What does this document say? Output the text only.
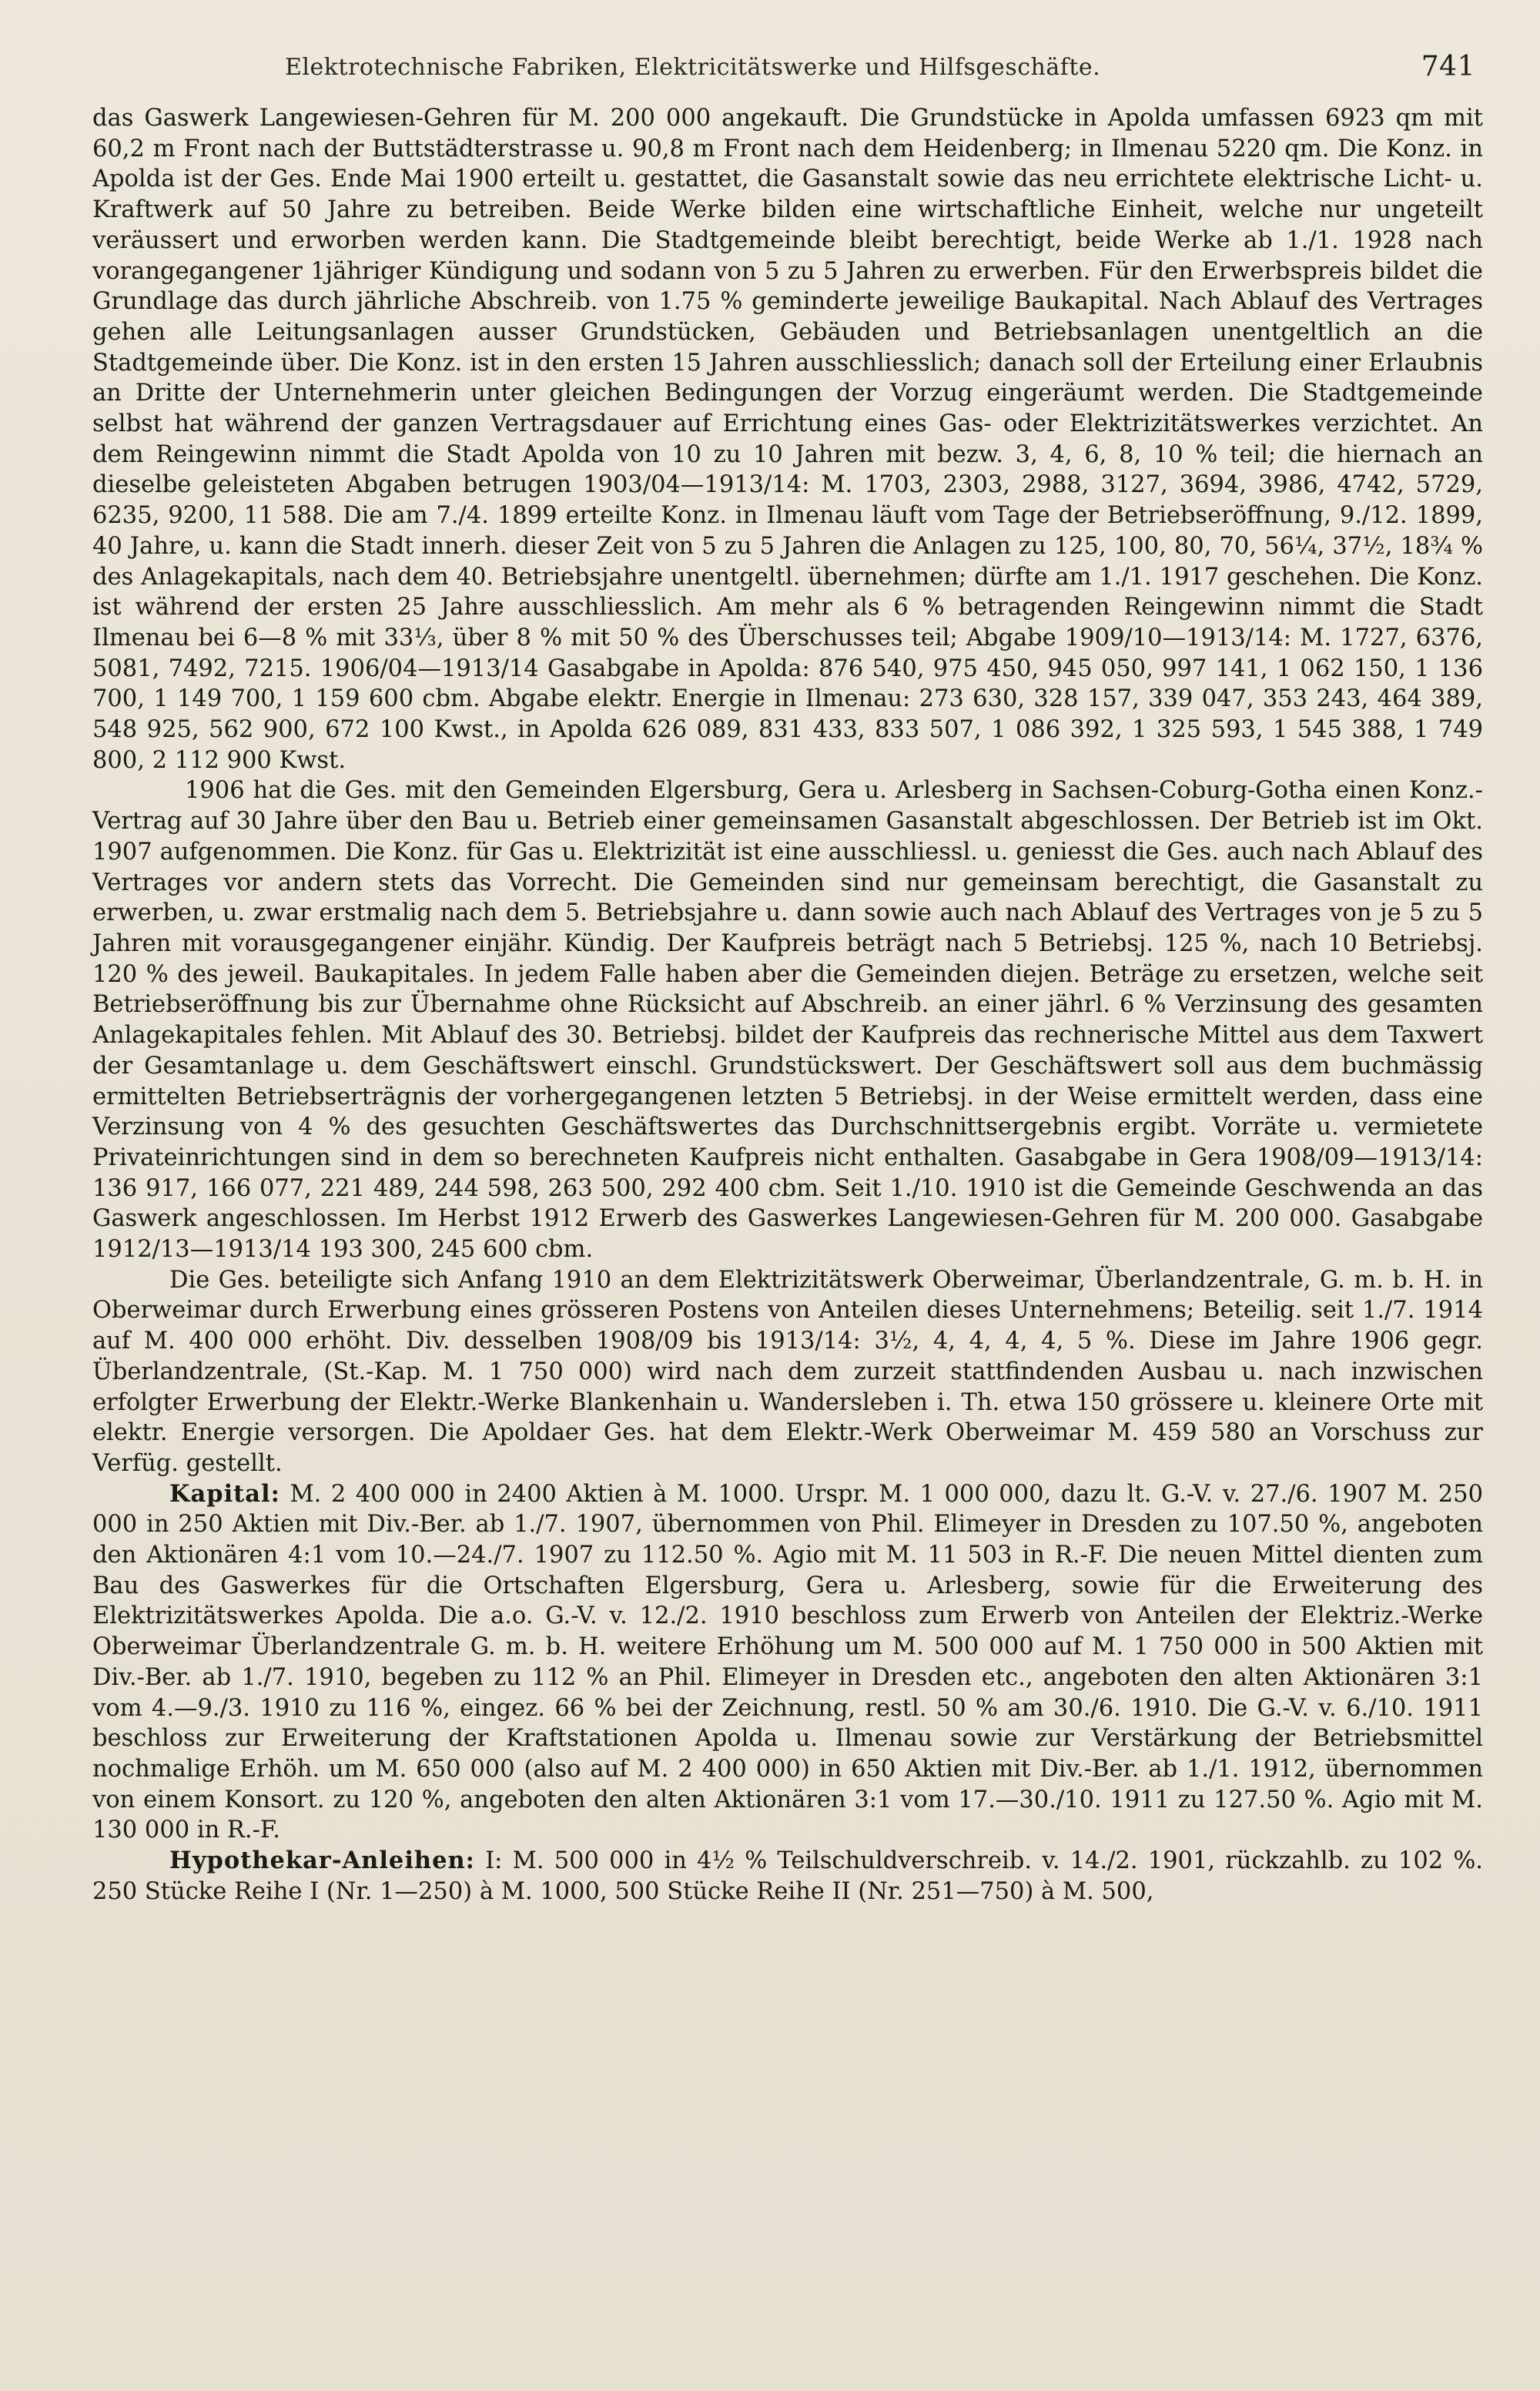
Elektrotechnische Fabriken, Elektricitätswerke und Hilfsgeschäfte.	741

das Gaswerk Langewiesen-Gehren für M. 200 000 angekauft. Die Grundstücke in Apolda umfassen 6923 qm mit 60,2 m Front nach der Buttstädterstrasse u. 90,8 m Front nach dem Heidenberg; in Ilmenau 5220 qm. Die Konz. in Apolda ist der Ges. Ende Mai 1900 erteilt u. gestattet, die Gasanstalt sowie das neu errichtete elektrische Licht- u. Kraftwerk auf 50 Jahre zu betreiben. Beide Werke bilden eine wirtschaftliche Einheit, welche nur ungeteilt veräussert und erworben werden kann. Die Stadtgemeinde bleibt berechtigt, beide Werke ab 1./1. 1928 nach vorangegangener 1jähriger Kündigung und sodann von 5 zu 5 Jahren zu erwerben. Für den Erwerbspreis bildet die Grundlage das durch jährliche Abschreib. von 1.75 % geminderte jeweilige Baukapital. Nach Ablauf des Vertrages gehen alle Leitungsanlagen ausser Grundstücken, Gebäuden und Betriebsanlagen unentgeltlich an die Stadtgemeinde über. Die Konz. ist in den ersten 15 Jahren ausschliesslich; danach soll der Erteilung einer Erlaubnis an Dritte der Unternehmerin unter gleichen Bedingungen der Vorzug eingeräumt werden. Die Stadtgemeinde selbst hat während der ganzen Vertragsdauer auf Errichtung eines Gas- oder Elektrizitätswerkes verzichtet. An dem Reingewinn nimmt die Stadt Apolda von 10 zu 10 Jahren mit bezw. 3, 4, 6, 8, 10 % teil; die hiernach an dieselbe geleisteten Abgaben betrugen 1903/04—1913/14: M. 1703, 2303, 2988, 3127, 3694, 3986, 4742, 5729, 6235, 9200, 11 588. Die am 7./4. 1899 erteilte Konz. in Ilmenau läuft vom Tage der Betriebseröffnung, 9./12. 1899, 40 Jahre, u. kann die Stadt innerh. dieser Zeit von 5 zu 5 Jahren die Anlagen zu 125, 100, 80, 70, 56¼, 37½, 18¾ % des Anlagekapitals, nach dem 40. Betriebsjahre unentgeltl. übernehmen; dürfte am 1./1. 1917 geschehen. Die Konz. ist während der ersten 25 Jahre ausschliesslich. Am mehr als 6 % betragenden Reingewinn nimmt die Stadt Ilmenau bei 6—8 % mit 33⅓, über 8 % mit 50 % des Überschusses teil; Abgabe 1909/10—1913/14: M. 1727, 6376, 5081, 7492, 7215. 1906/04—1913/14 Gasabgabe in Apolda: 876 540, 975 450, 945 050, 997 141, 1 062 150, 1 136 700, 1 149 700, 1 159 600 cbm. Abgabe elektr. Energie in Ilmenau: 273 630, 328 157, 339 047, 353 243, 464 389, 548 925, 562 900, 672 100 Kwst., in Apolda 626 089, 831 433, 833 507, 1 086 392, 1 325 593, 1 545 388, 1 749 800, 2 112 900 Kwst.

1906 hat die Ges. mit den Gemeinden Elgersburg, Gera u. Arlesberg in Sachsen-Coburg-Gotha einen Konz.-Vertrag auf 30 Jahre über den Bau u. Betrieb einer gemeinsamen Gasanstalt abgeschlossen. Der Betrieb ist im Okt. 1907 aufgenommen. Die Konz. für Gas u. Elektrizität ist eine ausschliessl. u. geniesst die Ges. auch nach Ablauf des Vertrages vor andern stets das Vorrecht. Die Gemeinden sind nur gemeinsam berechtigt, die Gasanstalt zu erwerben, u. zwar erstmalig nach dem 5. Betriebsjahre u. dann sowie auch nach Ablauf des Vertrages von je 5 zu 5 Jahren mit vorausgegangener einjähr. Kündig. Der Kaufpreis beträgt nach 5 Betriebsj. 125 %, nach 10 Betriebsj. 120 % des jeweil. Baukapitales. In jedem Falle haben aber die Gemeinden diejen. Beträge zu ersetzen, welche seit Betriebseröffnung bis zur Übernahme ohne Rücksicht auf Abschreib. an einer jährl. 6 % Verzinsung des gesamten Anlagekapitales fehlen. Mit Ablauf des 30. Betriebsj. bildet der Kaufpreis das rechnerische Mittel aus dem Taxwert der Gesamtanlage u. dem Geschäftswert einschl. Grundstückswert. Der Geschäftswert soll aus dem buchmässig ermittelten Betriebserträgnis der vorhergegangenen letzten 5 Betriebsj. in der Weise ermittelt werden, dass eine Verzinsung von 4 % des gesuchten Geschäftswertes das Durchschnittsergebnis ergibt. Vorräte u. vermietete Privateinrichtungen sind in dem so berechneten Kaufpreis nicht enthalten. Gasabgabe in Gera 1908/09—1913/14: 136 917, 166 077, 221 489, 244 598, 263 500, 292 400 cbm. Seit 1./10. 1910 ist die Gemeinde Geschwenda an das Gaswerk angeschlossen. Im Herbst 1912 Erwerb des Gaswerkes Langewiesen-Gehren für M. 200 000. Gasabgabe 1912/13—1913/14 193 300, 245 600 cbm.

Die Ges. beteiligte sich Anfang 1910 an dem Elektrizitätswerk Oberweimar, Überlandzentrale, G. m. b. H. in Oberweimar durch Erwerbung eines grösseren Postens von Anteilen dieses Unternehmens; Beteilig. seit 1./7. 1914 auf M. 400 000 erhöht. Div. desselben 1908/09 bis 1913/14: 3½, 4, 4, 4, 4, 5 %. Diese im Jahre 1906 gegr. Überlandzentrale, (St.-Kap. M. 1 750 000) wird nach dem zurzeit stattfindenden Ausbau u. nach inzwischen erfolgter Erwerbung der Elektr.-Werke Blankenhain u. Wandersleben i. Th. etwa 150 grössere u. kleinere Orte mit elektr. Energie versorgen. Die Apoldaer Ges. hat dem Elektr.-Werk Oberweimar M. 459 580 an Vorschuss zur Verfüg. gestellt.

Kapital: M. 2 400 000 in 2400 Aktien à M. 1000. Urspr. M. 1 000 000, dazu lt. G.-V. v. 27./6. 1907 M. 250 000 in 250 Aktien mit Div.-Ber. ab 1./7. 1907, übernommen von Phil. Elimeyer in Dresden zu 107.50 %, angeboten den Aktionären 4:1 vom 10.—24./7. 1907 zu 112.50 %. Agio mit M. 11 503 in R.-F. Die neuen Mittel dienten zum Bau des Gaswerkes für die Ortschaften Elgersburg, Gera u. Arlesberg, sowie für die Erweiterung des Elektrizitätswerkes Apolda. Die a.o. G.-V. v. 12./2. 1910 beschloss zum Erwerb von Anteilen der Elektriz.-Werke Oberweimar Überlandzentrale G. m. b. H. weitere Erhöhung um M. 500 000 auf M. 1 750 000 in 500 Aktien mit Div.-Ber. ab 1./7. 1910, begeben zu 112 % an Phil. Elimeyer in Dresden etc., angeboten den alten Aktionären 3:1 vom 4.—9./3. 1910 zu 116 %, eingez. 66 % bei der Zeichnung, restl. 50 % am 30./6. 1910. Die G.-V. v. 6./10. 1911 beschloss zur Erweiterung der Kraftstationen Apolda u. Ilmenau sowie zur Verstärkung der Betriebsmittel nochmalige Erhöh. um M. 650 000 (also auf M. 2 400 000) in 650 Aktien mit Div.-Ber. ab 1./1. 1912, übernommen von einem Konsort. zu 120 %, angeboten den alten Aktionären 3:1 vom 17.—30./10. 1911 zu 127.50 %. Agio mit M. 130 000 in R.-F.

Hypothekar-Anleihen: I: M. 500 000 in 4½ % Teilschuldverschreib. v. 14./2. 1901, rückzahlb. zu 102 %. 250 Stücke Reihe I (Nr. 1—250) à M. 1000, 500 Stücke Reihe II (Nr. 251—750) à M. 500,
